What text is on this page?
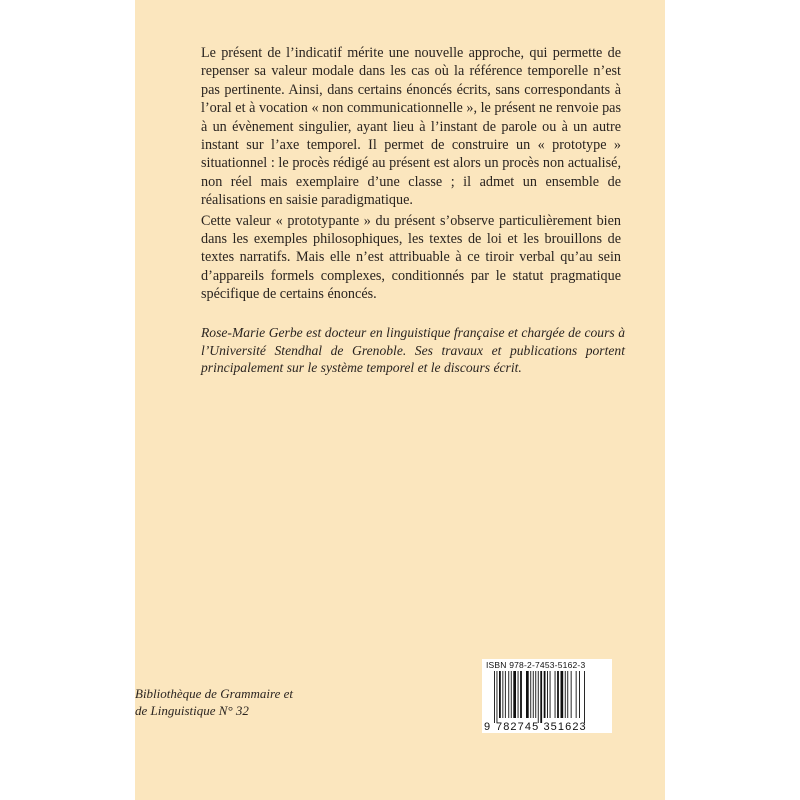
Le présent de l’indicatif mérite une nouvelle approche, qui permette de repenser sa valeur modale dans les cas où la référence temporelle n’est pas pertinente. Ainsi, dans certains énoncés écrits, sans correspondants à l’oral et à vocation « non communicationnelle », le présent ne renvoie pas à un évènement singulier, ayant lieu à l’instant de parole ou à un autre instant sur l’axe temporel. Il permet de construire un « prototype » situationnel : le procès rédigé au présent est alors un procès non actualisé, non réel mais exemplaire d’une classe ; il admet un ensemble de réalisations en saisie paradigmatique.

Cette valeur « prototypante » du présent s’observe particulièrement bien dans les exemples philosophiques, les textes de loi et les brouillons de textes narratifs. Mais elle n’est attribuable à ce tiroir verbal qu’au sein d’appareils formels complexes, conditionnés par le statut pragmatique spécifique de certains énoncés.

Rose-Marie Gerbe est docteur en linguistique française et chargée de cours à l’Université Stendhal de Grenoble. Ses travaux et publications portent principalement sur le système temporel et le discours écrit.
Bibliothèque de Grammaire et
de Linguistique N° 32
ISBN 978-2-7453-5162-3
9 782745 351623
